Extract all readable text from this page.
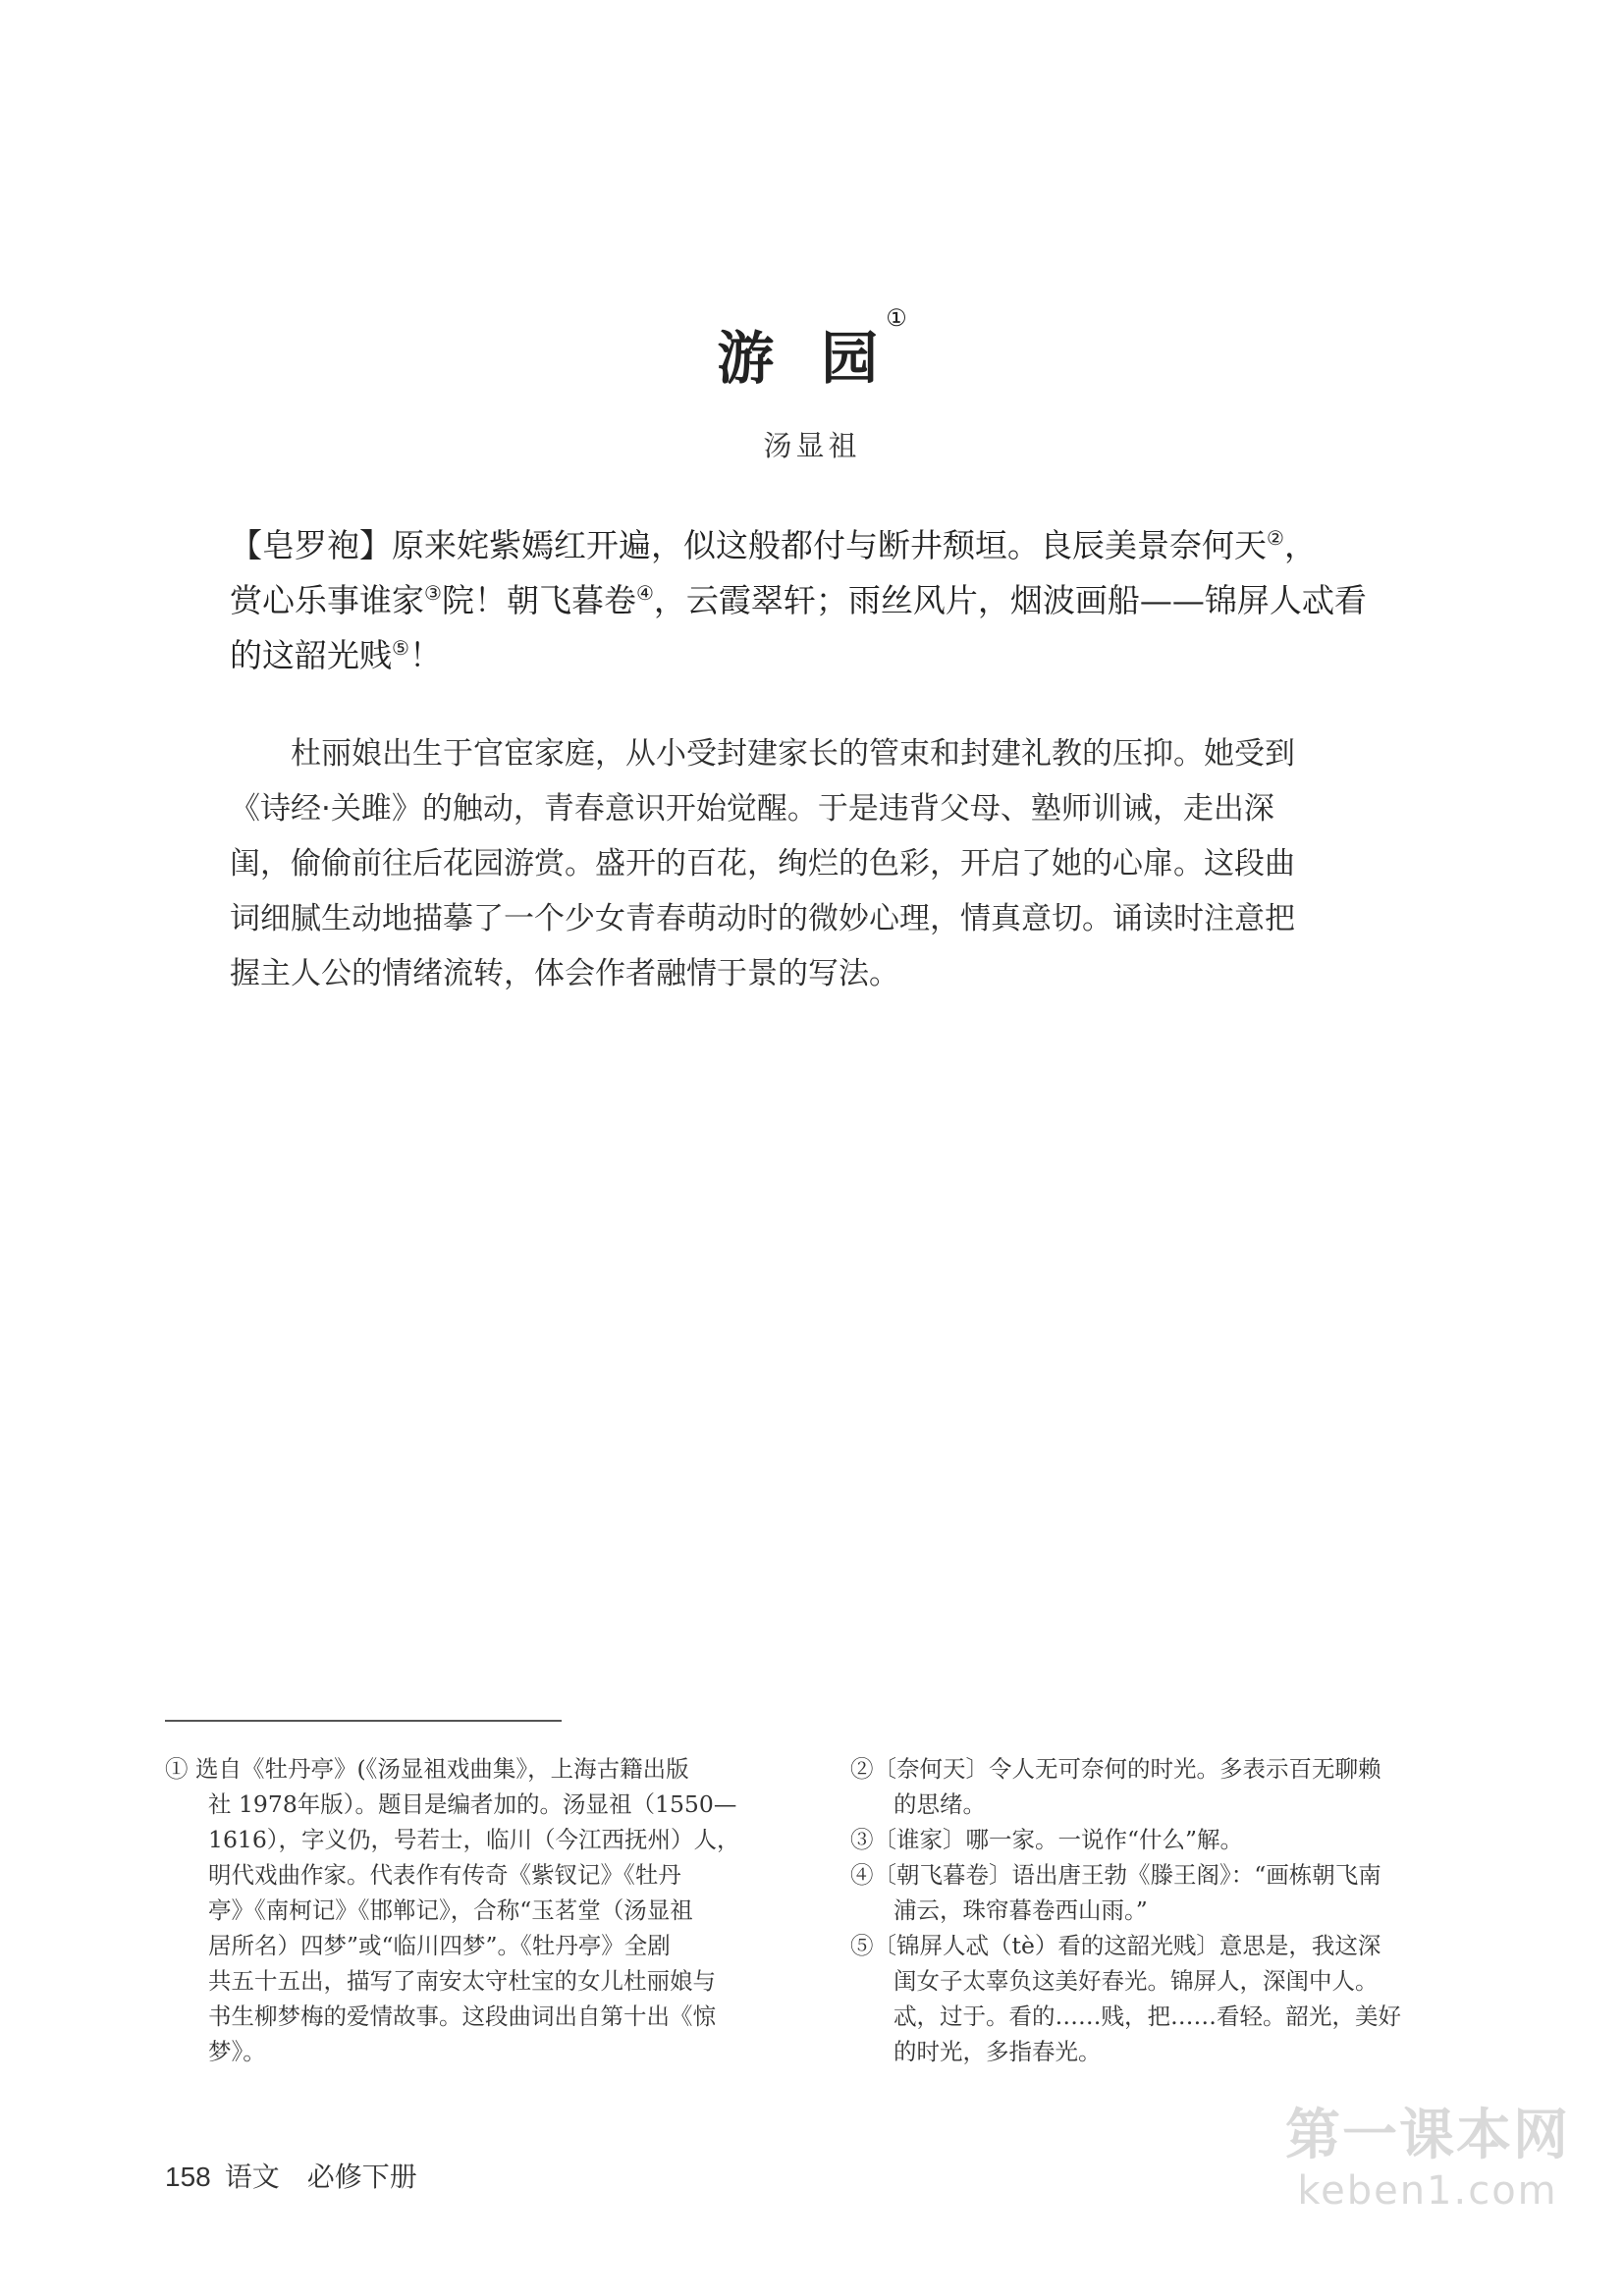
游园①
汤显祖

【皂罗袍】原来姹紫嫣红开遍，似这般都付与断井颓垣。良辰美景奈何天②，

赏心乐事谁家③院！朝飞暮卷④，云霞翠轩；雨丝风片，烟波画船——锦屏人忒看

的这韶光贱⑤！

　　杜丽娘出生于官宦家庭，从小受封建家长的管束和封建礼教的压抑。她受到

《诗经·关雎》的触动，青春意识开始觉醒。于是违背父母、塾师训诫，走出深

闺，偷偷前往后花园游赏。盛开的百花，绚烂的色彩，开启了她的心扉。这段曲

词细腻生动地描摹了一个少女青春萌动时的微妙心理，情真意切。诵读时注意把

握主人公的情绪流转，体会作者融情于景的写法。

① 选自《牡丹亭》(《汤显祖戏曲集》，上海古籍出版

社 1978年版）。题目是编者加的。汤显祖（1550—

1616），字义仍，号若士，临川（今江西抚州）人，

明代戏曲作家。代表作有传奇《紫钗记》《牡丹

亭》《南柯记》《邯郸记》，合称“玉茗堂（汤显祖

居所名）四梦”或“临川四梦”。《牡丹亭》全剧

共五十五出，描写了南安太守杜宝的女儿杜丽娘与

书生柳梦梅的爱情故事。这段曲词出自第十出《惊

梦》。

②〔奈何天〕令人无可奈何的时光。多表示百无聊赖

的思绪。

③〔谁家〕哪一家。一说作“什么”解。

④〔朝飞暮卷〕语出唐王勃《滕王阁》：“画栋朝飞南

浦云，珠帘暮卷西山雨。”

⑤〔锦屏人忒（tè）看的这韶光贱〕意思是，我这深

闺女子太辜负这美好春光。锦屏人，深闺中人。

忒，过于。看的……贱，把……看轻。韶光，美好

的时光，多指春光。

158 语文　必修下册
第一课本网
keben1.com
